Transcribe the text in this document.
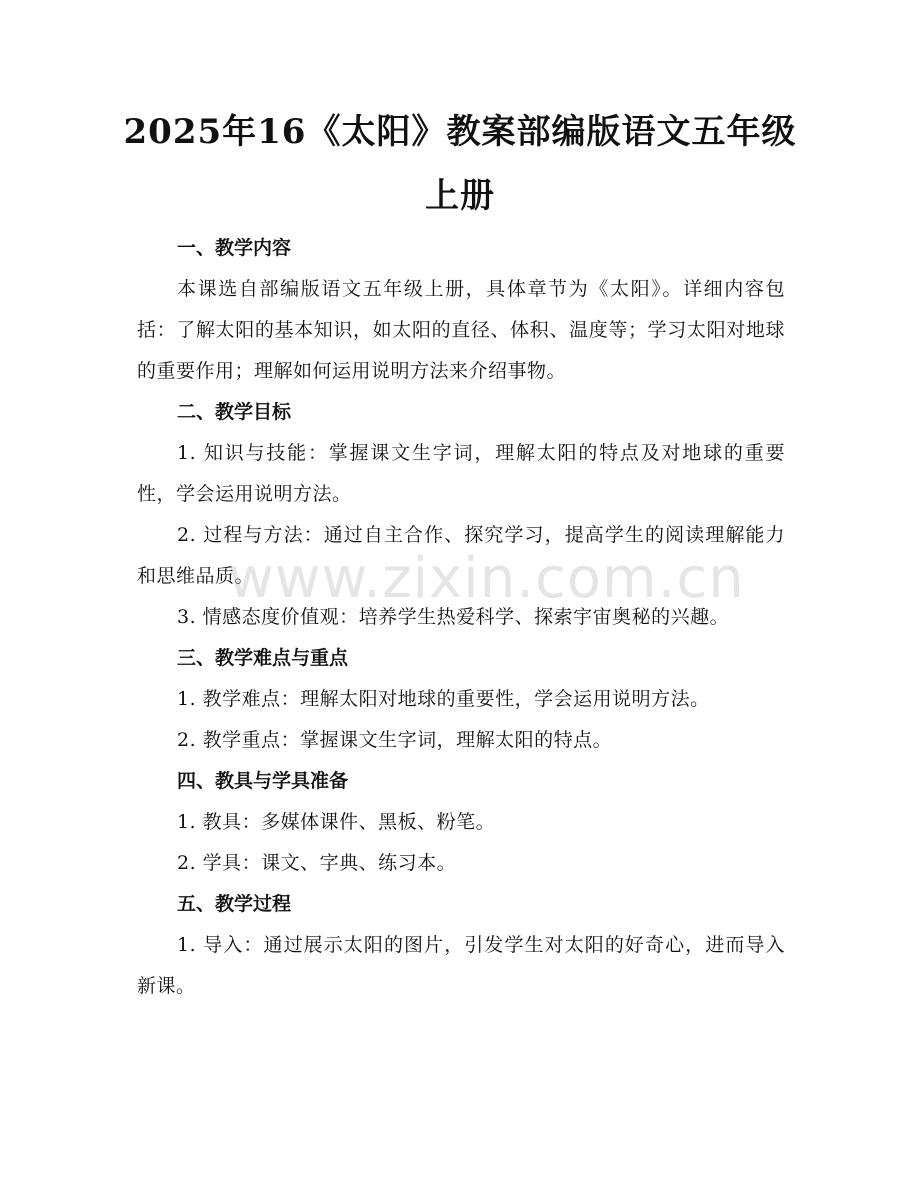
2025年16《太阳》教案部编版语文五年级上册
一、教学内容

本课选自部编版语文五年级上册，具体章节为《太阳》。详细内容包括：了解太阳的基本知识，如太阳的直径、体积、温度等；学习太阳对地球的重要作用；理解如何运用说明方法来介绍事物。

二、教学目标

1. 知识与技能：掌握课文生字词，理解太阳的特点及对地球的重要性，学会运用说明方法。

2. 过程与方法：通过自主合作、探究学习，提高学生的阅读理解能力和思维品质。

3. 情感态度价值观：培养学生热爱科学、探索宇宙奥秘的兴趣。

三、教学难点与重点

1. 教学难点：理解太阳对地球的重要性，学会运用说明方法。

2. 教学重点：掌握课文生字词，理解太阳的特点。

四、教具与学具准备

1. 教具：多媒体课件、黑板、粉笔。

2. 学具：课文、字典、练习本。

五、教学过程

1. 导入：通过展示太阳的图片，引发学生对太阳的好奇心，进而导入新课。

www.zixin.com.cn
